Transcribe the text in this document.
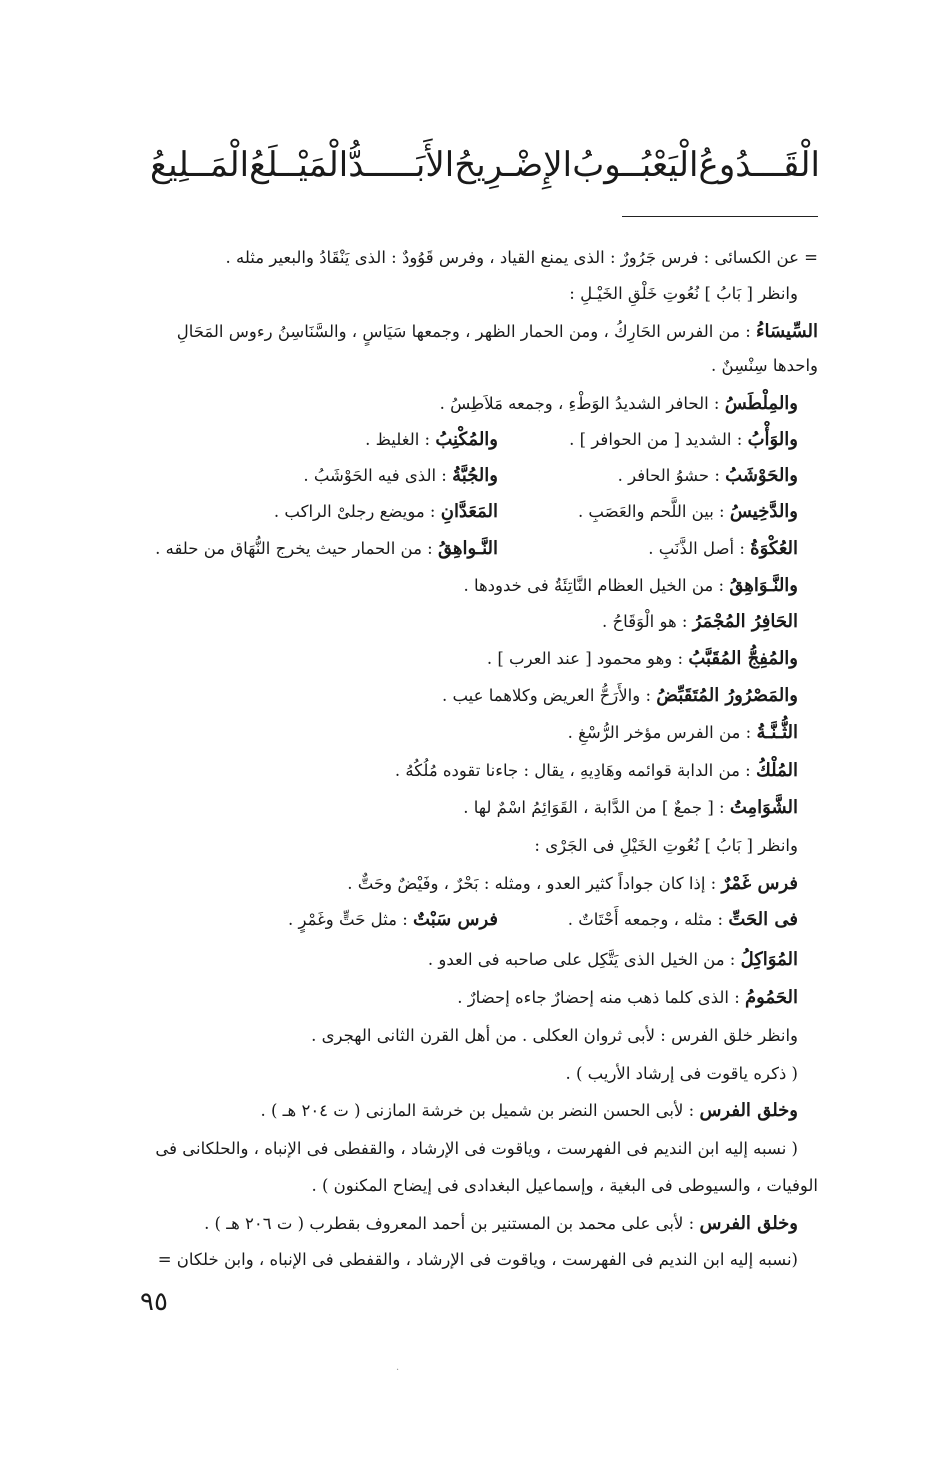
الْقَـــدُوعُ
الْيَعْبُــوبُ
الإِضْـرِيحُ
الأَبَـــــدُّ
الْمَيْــلَعُ
الْمَــلِيعُ
= عن الكسائى : فرس جَرُورٌ : الذى يمنع القياد ، وفرس قَوُودٌ : الذى يَنْقَادُ والبعير مثله .
وانظر [ بَابُ ] نُعُوتِ خَلْقِ الخَيْـلِ :
السِّيسَاءُ : من الفرس الحَارِكُ ، ومن الحمار الظهر ، وجمعها سَيَاسٍ ، والسَّنَاسِنُ رءوس المَحَالِ
واحدها سِنْسِنٌ .
والمِلْطَسُ : الحافر الشديدُ الوَطْءِ ، وجمعه مَلاَطِسُ .
والوَأْبُ : الشديد [ من الحوافر ] .
والمُكْنِبُ : الغليظ .
والحَوْشَبُ : حشوُ الحافر .
والجُبَّةُ : الذى فيه الحَوْشَبُ .
والدَّخِيسُ : بين اللَّحم والعَصَبِ .
المَعَدَّانِ : مويضع رجلىْ الراكب .
العُكْوَةُ : أصل الذَّنَبِ .
النَّـواهِقُ : من الحمار حيث يخرج النُّهَاق من حلقه .
والنَّـوَاهِقُ : من الخيل العظام النَّاتِئَةُ فى خدودها .
الحَافِرُ المُجْمَرُ : هو الْوَقَاحُ .
والمُفِجُّ المُقَبَّبُ : وهو محمود [ عند العرب ] .
والمَصْرُورُ المُتَقَبِّضُ : والأَرَحُّ العريض وكلاهما عيب .
الثُّـنَّـةُ : من الفرس مؤخر الرُّسْغِ .
المُلْكُ : من الدابة قوائمه وهَادِيهِ ، يقال : جاءنا تقوده مُلُكُهُ .
الشَّوَامِتُ : [ جمعٌ ] من الدَّابة ، القَوَائِمُ اسْمٌ لها .
وانظر [ بَابُ ] نُعُوتِ الخَيْلِ فى الجَرْى :
فرس غَمْرٌ : إذا كان جواداً كثير العدو ، ومثله : بَحْرٌ ، وفَيْضٌ وحَتٌّ .
فى الحَتِّ : مثله ، وجمعه أَحْتَاتٌ .
فرس سَبْتٌ : مثل حَتٍّ وغَمْرٍ .
المُوَاكِلُ : من الخيل الذى يَتَّكِل على صاحبه فى العدو .
الحَمُومُ : الذى كلما ذهب منه إحضارٌ جاءه إحضارٌ .
وانظر خلق الفرس : لأبى ثروان العكلى . من أهل القرن الثانى الهجرى .
( ذكره ياقوت فى إرشاد الأريب ) .
وخلق الفرس : لأبى الحسن النضر بن شميل بن خرشة المازنى ( ت ٢٠٤ هـ ) .
( نسبه إليه ابن النديم فى الفهرست ، وياقوت فى الإرشاد ، والقفطى فى الإنباه ، والحلكانى فى
الوفيات ، والسيوطى فى البغية ، وإسماعيل البغدادى فى إيضاح المكنون ) .
وخلق الفرس : لأبى على محمد بن المستنير بن أحمد المعروف بقطرب ( ت ٢٠٦ هـ ) .
(نسبه إليه ابن النديم فى الفهرست ، وياقوت فى الإرشاد ، والقفطى فى الإنباه ، وابن خلكان =
٩٥
·
